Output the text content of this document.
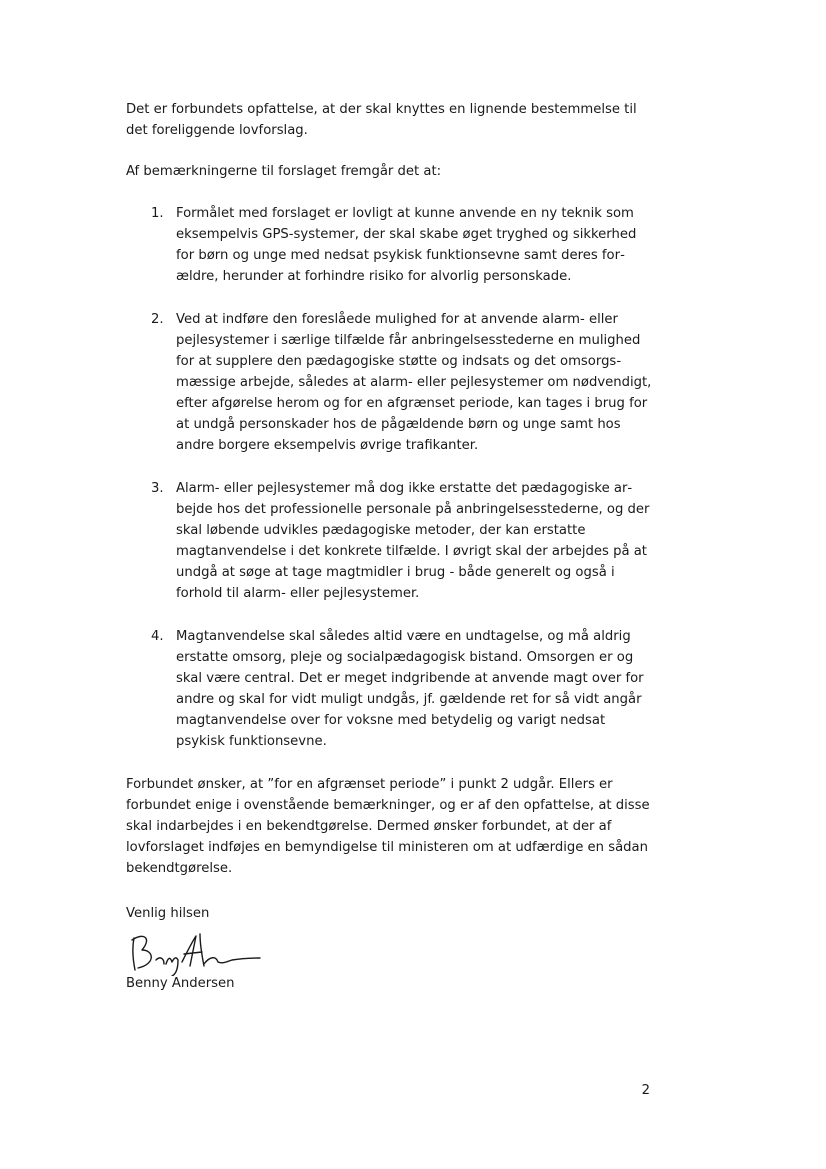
Det er forbundets opfattelse, at der skal knyttes en lignende bestemmelse til det foreliggende lovforslag.

Af bemærkningerne til forslaget fremgår det at:

1. Formålet med forslaget er lovligt at kunne anvende en ny teknik som eksempelvis GPS-systemer, der skal skabe øget tryghed og sikkerhed for børn og unge med nedsat psykisk funktionsevne samt deres forældre, herunder at forhindre risiko for alvorlig personskade.
2. Ved at indføre den foreslåede mulighed for at anvende alarm- eller pejlesystemer i særlige tilfælde får anbringelsesstederne en mulighed for at supplere den pædagogiske støtte og indsats og det omsorgsmæssige arbejde, således at alarm- eller pejlesystemer om nødvendigt, efter afgørelse herom og for en afgrænset periode, kan tages i brug for at undgå personskader hos de pågældende børn og unge samt hos andre borgere eksempelvis øvrige trafikanter.
3. Alarm- eller pejlesystemer må dog ikke erstatte det pædagogiske arbejde hos det professionelle personale på anbringelsesstederne, og der skal løbende udvikles pædagogiske metoder, der kan erstatte magtanvendelse i det konkrete tilfælde. I øvrigt skal der arbejdes på at undgå at søge at tage magtmidler i brug - både generelt og også i forhold til alarm- eller pejlesystemer.
4. Magtanvendelse skal således altid være en undtagelse, og må aldrig erstatte omsorg, pleje og socialpædagogisk bistand. Omsorgen er og skal være central. Det er meget indgribende at anvende magt over for andre og skal for vidt muligt undgås, jf. gældende ret for så vidt angår magtanvendelse over for voksne med betydelig og varigt nedsat psykisk funktionsevne.

Forbundet ønsker, at ”for en afgrænset periode” i punkt 2 udgår. Ellers er forbundet enige i ovenstående bemærkninger, og er af den opfattelse, at disse skal indarbejdes i en bekendtgørelse. Dermed ønsker forbundet, at der af lovforslaget indføjes en bemyndigelse til ministeren om at udfærdige en sådan bekendtgørelse.

Venlig hilsen

Benny Andersen

2
